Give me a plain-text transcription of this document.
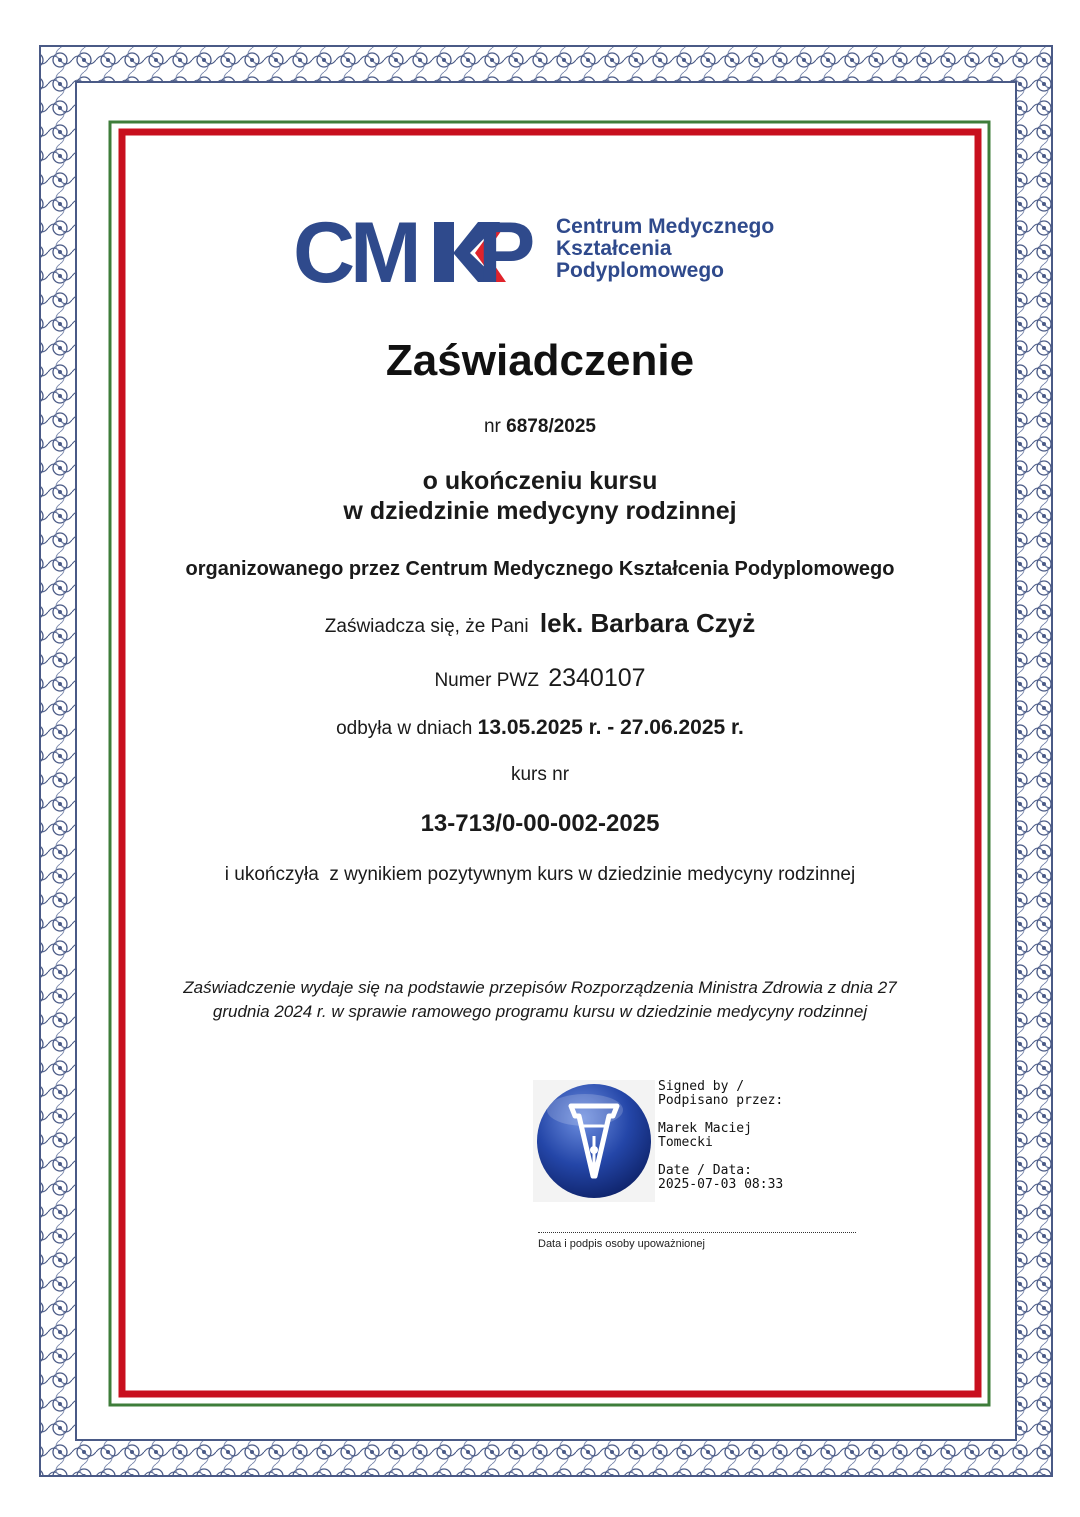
C
M P Centrum Medycznego
Kształcenia
Podyplomowego
Zaświadczenie
nr 6878/2025
o ukończeniu kursu
w dziedzinie medycyny rodzinnej
organizowanego przez Centrum Medycznego Kształcenia Podyplomowego
Zaświadcza się, że Pani lek. Barbara Czyż
Numer PWZ 2340107
odbyła w dniach 13.05.2025 r. - 27.06.2025 r.
kurs nr
13-713/0-00-002-2025
i ukończyła  z wynikiem pozytywnym kurs w dziedzinie medycyny rodzinnej
Zaświadczenie wydaje się na podstawie przepisów Rozporządzenia Ministra Zdrowia z dnia 27
grudnia 2024 r. w sprawie ramowego programu kursu w dziedzinie medycyny rodzinnej
Signed by /
Podpisano przez:
Marek Maciej
Tomecki
Date / Data:
2025-07-03 08:33
Data i podpis osoby upoważnionej
